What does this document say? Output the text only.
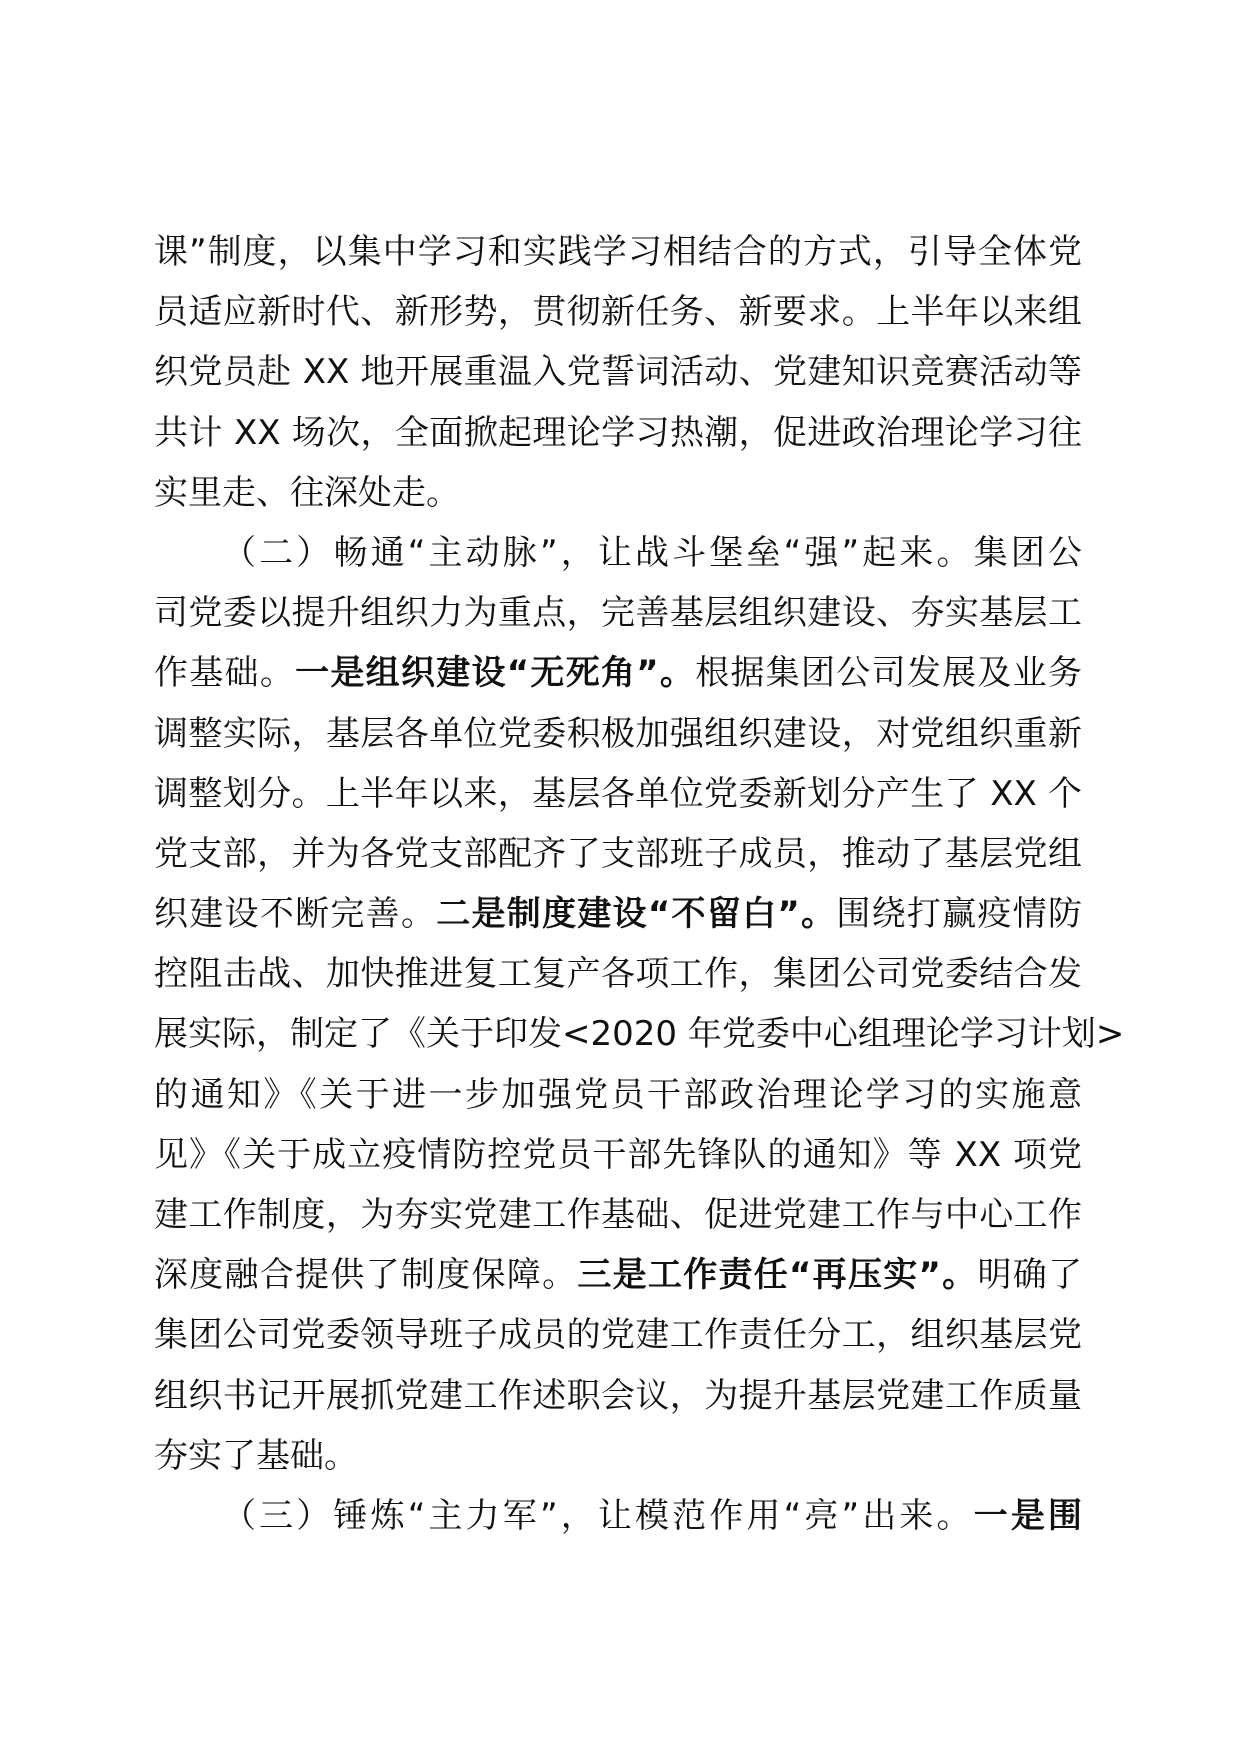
课”制度，以集中学习和实践学习相结合的方式，引导全体党
员适应新时代、新形势，贯彻新任务、新要求。上半年以来组
织党员赴 XX 地开展重温入党誓词活动、党建知识竞赛活动等
共计 XX 场次，全面掀起理论学习热潮，促进政治理论学习往
实里走、往深处走。
（二）畅通“主动脉”，让战斗堡垒“强”起来。集团公
司党委以提升组织力为重点，完善基层组织建设、夯实基层工
作基础。一是组织建设“无死角”。根据集团公司发展及业务
调整实际，基层各单位党委积极加强组织建设，对党组织重新
调整划分。上半年以来，基层各单位党委新划分产生了 XX 个
党支部，并为各党支部配齐了支部班子成员，推动了基层党组
织建设不断完善。二是制度建设“不留白”。围绕打赢疫情防
控阻击战、加快推进复工复产各项工作，集团公司党委结合发
展实际，制定了《关于印发<2020 年党委中心组理论学习计划>
的通知》《关于进一步加强党员干部政治理论学习的实施意
见》《关于成立疫情防控党员干部先锋队的通知》等 XX 项党
建工作制度，为夯实党建工作基础、促进党建工作与中心工作
深度融合提供了制度保障。三是工作责任“再压实”。明确了
集团公司党委领导班子成员的党建工作责任分工，组织基层党
组织书记开展抓党建工作述职会议，为提升基层党建工作质量
夯实了基础。
（三）锤炼“主力军”，让模范作用“亮”出来。一是围
